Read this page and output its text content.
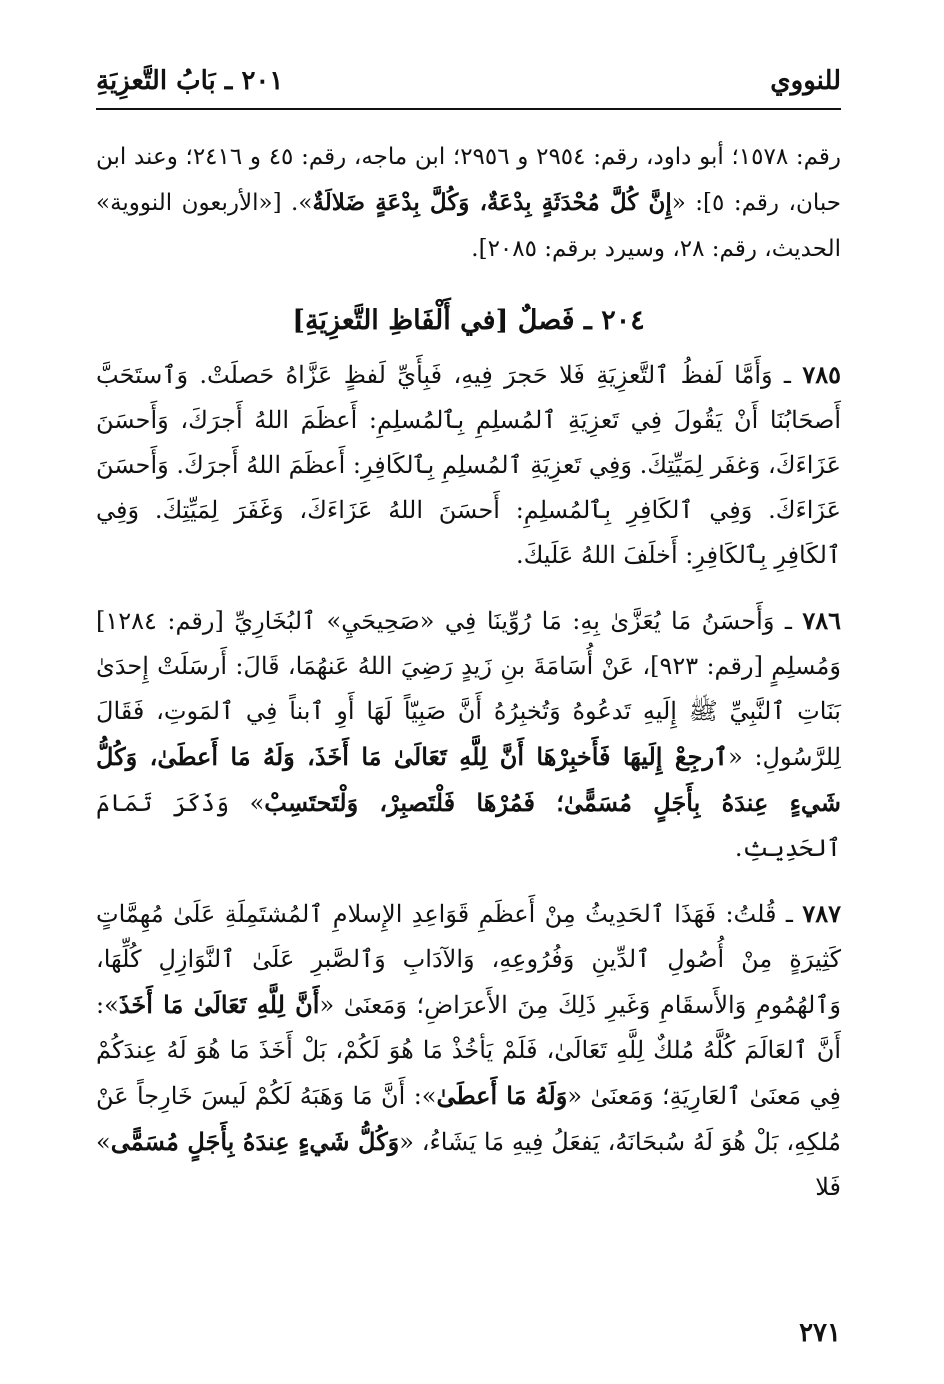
للنووي
٢٠١ ـ بَابُ التَّعزِيَةِ
رقم: ١٥٧٨؛ أبو داود، رقم: ٢٩٥٤ و ٢٩٥٦؛ ابن ماجه، رقم: ٤٥ و ٢٤١٦؛ وعند ابن حبان، رقم: ٥]: «إِنَّ كُلَّ مُحْدَثَةٍ بِدْعَةٌ، وَكُلَّ بِدْعَةٍ ضَلالَةٌ». [«الأربعون النووية» الحديث، رقم: ٢٨، وسيرد برقم: ٢٠٨٥].
٢٠٤ ـ فَصلٌ [في أَلْفَاظِ التَّعزِيَةِ]

٧٨٥ ـ وَأَمَّا لَفظُ ٱلتَّعزِيَةِ فَلا حَجرَ فِيهِ، فَبِأَيِّ لَفظٍ عَزَّاهُ حَصلَتْ. وَٱستَحَبَّ أَصحَابُنَا أَنْ يَقُولَ فِي تَعزِيَةِ ٱلمُسلِمِ بِٱلمُسلِمِ: أَعظَمَ اللهُ أَجرَكَ، وَأَحسَنَ عَزَاءَكَ، وَغفَر لِمَيِّتِكَ. وَفِي تَعزِيَةِ ٱلمُسلِمِ بِٱلكَافِرِ: أَعظَمَ اللهُ أَجرَكَ. وَأَحسَنَ عَزَاءَكَ. وَفِي ٱلكَافِرِ بِٱلمُسلِمِ: أَحسَنَ اللهُ عَزَاءَكَ، وَغَفَرَ لِمَيِّتِكَ. وَفِي ٱلكَافِرِ بِٱلكَافِرِ: أَخلَفَ اللهُ عَلَيكَ.

٧٨٦ ـ وَأَحسَنُ مَا يُعَزَّىٰ بِهِ: مَا رُوِّينَا فِي «صَحِيحَيِ» ٱلبُخَارِيِّ [رقم: ١٢٨٤] وَمُسلِمٍ [رقم: ٩٢٣]، عَنْ أُسَامَةَ بنِ زَيدٍ رَضِيَ اللهُ عَنهُمَا، قَالَ: أَرسَلَتْ إِحدَىٰ بَنَاتِ ٱلنَّبِيِّ ﷺ إِلَيهِ تَدعُوهُ وَتُخبِرُهُ أَنَّ صَبِيّاً لَهَا أَوِ ٱبناً فِي ٱلمَوتِ، فَقَالَ لِلرَّسُولِ: «ٱرجِعْ إِلَيهَا فَأَخبِرْهَا أَنَّ لِلَّهِ تَعَالَىٰ مَا أَخَذَ، وَلَهُ مَا أَعطَىٰ، وَكُلُّ شَيءٍ عِندَهُ بِأَجَلٍ مُسَمًّىٰ؛ فَمُرْهَا فَلْتَصبِرْ، وَلْتَحتَسِبْ» وَذَكَرَ تَمَامَ ٱلحَدِيثِ.

٧٨٧ ـ قُلتُ: فَهَذَا ٱلحَدِيثُ مِنْ أَعظَمِ قَوَاعِدِ الإِسلامِ ٱلمُشتَمِلَةِ عَلَىٰ مُهِمَّاتٍ كَثِيرَةٍ مِنْ أُصُولِ ٱلدِّينِ وَفُرُوعِهِ، وَالآدَابِ وَٱلصَّبرِ عَلَىٰ ٱلنَّوَازِلِ كُلِّهَا، وَٱلهُمُومِ وَالأَسقَامِ وَغَيرِ ذَلِكَ مِنَ الأَعرَاضِ؛ وَمَعنَىٰ «أَنَّ لِلَّهِ تَعَالَىٰ مَا أَخَذَ»: أَنَّ ٱلعَالَمَ كُلَّهُ مُلكٌ لِلَّهِ تَعَالَىٰ، فَلَمْ يَأخُذْ مَا هُوَ لَكُمْ، بَلْ أَخَذَ مَا هُوَ لَهُ عِندَكُمْ فِي مَعنَىٰ ٱلعَارِيَةِ؛ وَمَعنَىٰ «وَلَهُ مَا أَعطَىٰ»: أَنَّ مَا وَهَبَهُ لَكُمْ لَيسَ خَارِجاً عَنْ مُلكِهِ، بَلْ هُوَ لَهُ سُبحَانَهُ، يَفعَلُ فِيهِ مَا يَشَاءُ، «وَكُلُّ شَيءٍ عِندَهُ بِأَجَلٍ مُسَمًّى» فَلا

٢٧١
